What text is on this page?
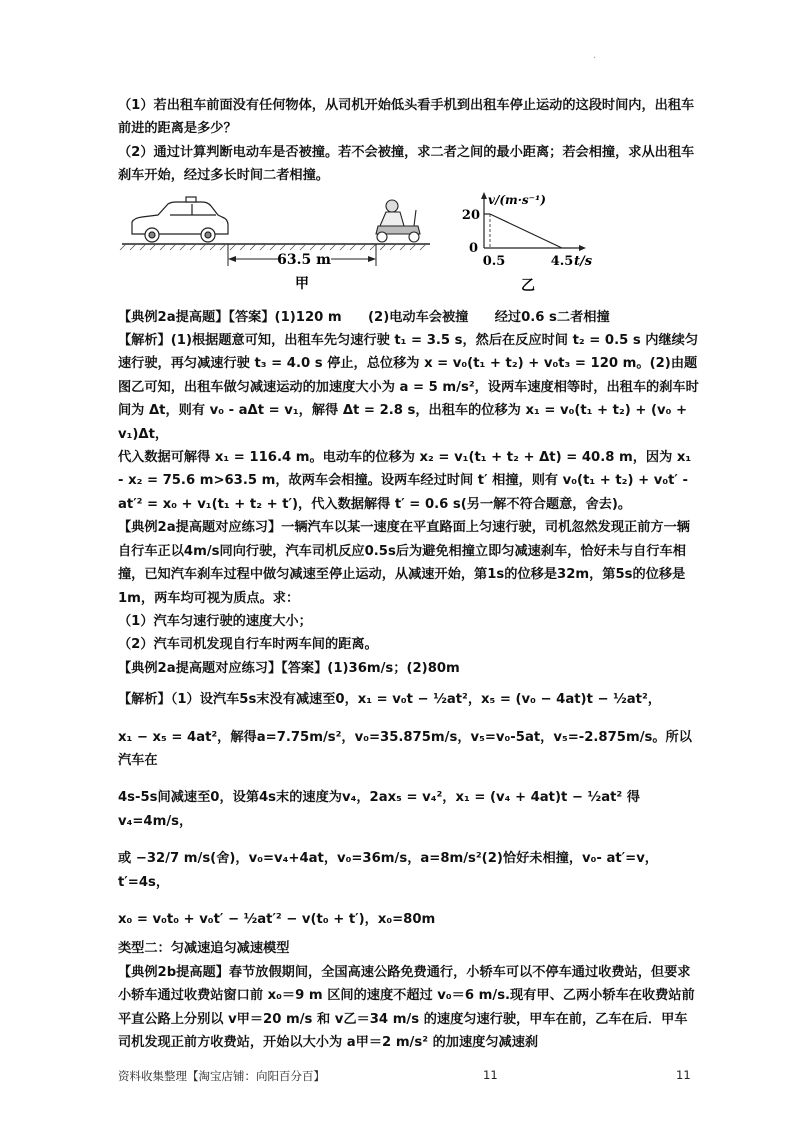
·

（1）若出租车前面没有任何物体，从司机开始低头看手机到出租车停止运动的这段时间内，出租车前进的距离是多少？

（2）通过计算判断电动车是否被撞。若不会被撞，求二者之间的最小距离；若会相撞，求从出租车刹车开始，经过多长时间二者相撞。

63.5 m
甲
v/(m·s⁻¹)
20
0
0.5	4.5 t/s
乙

【典例2a提高题】【答案】(1)120 m　　(2)电动车会被撞　　经过0.6 s二者相撞

【解析】(1)根据题意可知，出租车先匀速行驶 t₁ = 3.5 s，然后在反应时间 t₂ = 0.5 s 内继续匀速行驶，再匀减速行驶 t₃ = 4.0 s 停止，总位移为 x = v₀(t₁ + t₂) + v₀t₃ = 120 m。(2)由题图乙可知，出租车做匀减速运动的加速度大小为 a = 5 m/s²，设两车速度相等时，出租车的刹车时间为 Δt，则有 v₀ - aΔt = v₁，解得 Δt = 2.8 s，出租车的位移为 x₁ = v₀(t₁ + t₂) + (v₀ + v₁)Δt，

代入数据可解得 x₁ = 116.4 m。电动车的位移为 x₂ = v₁(t₁ + t₂ + Δt) = 40.8 m，因为 x₁ - x₂ = 75.6 m>63.5 m，故两车会相撞。设两车经过时间 t′ 相撞，则有 v₀(t₁ + t₂) + v₀t′ - at′² = x₀ + v₁(t₁ + t₂ + t′)，代入数据解得 t′ = 0.6 s(另一解不符合题意，舍去)。

【典例2a提高题对应练习】一辆汽车以某一速度在平直路面上匀速行驶，司机忽然发现正前方一辆自行车正以4m/s同向行驶，汽车司机反应0.5s后为避免相撞立即匀减速刹车，恰好未与自行车相撞，已知汽车刹车过程中做匀减速至停止运动，从减速开始，第1s的位移是32m，第5s的位移是1m，两车均可视为质点。求：

（1）汽车匀速行驶的速度大小；

（2）汽车司机发现自行车时两车间的距离。

【典例2a提高题对应练习】【答案】(1)36m/s；(2)80m

【解析】（1）设汽车5s末没有减速至0，x₁ = v₀t − ½at²，x₅ = (v₀ − 4at)t − ½at²，

x₁ − x₅ = 4at²，解得a=7.75m/s²，v₀=35.875m/s，v₅=v₀-5at，v₅=-2.875m/s。所以汽车在

4s-5s间减速至0，设第4s末的速度为v₄，2ax₅ = v₄²，x₁ = (v₄ + 4at)t − ½at² 得 v₄=4m/s，

或 −32/7 m/s(舍)，v₀=v₄+4at，v₀=36m/s，a=8m/s²(2)恰好未相撞，v₀- at′=v，t′=4s，

x₀ = v₀t₀ + v₀t′ − ½at′² − v(t₀ + t′)，x₀=80m

类型二：匀减速追匀减速模型

【典例2b提高题】春节放假期间，全国高速公路免费通行，小轿车可以不停车通过收费站，但要求小轿车通过收费站窗口前 x₀＝9 m 区间的速度不超过 v₀＝6 m/s.现有甲、乙两小轿车在收费站前平直公路上分别以 v甲＝20 m/s 和 v乙＝34 m/s 的速度匀速行驶，甲车在前，乙车在后．甲车司机发现正前方收费站，开始以大小为 a甲＝2 m/s² 的加速度匀减速刹

资料收集整理【淘宝店铺：向阳百分百】	11	11
